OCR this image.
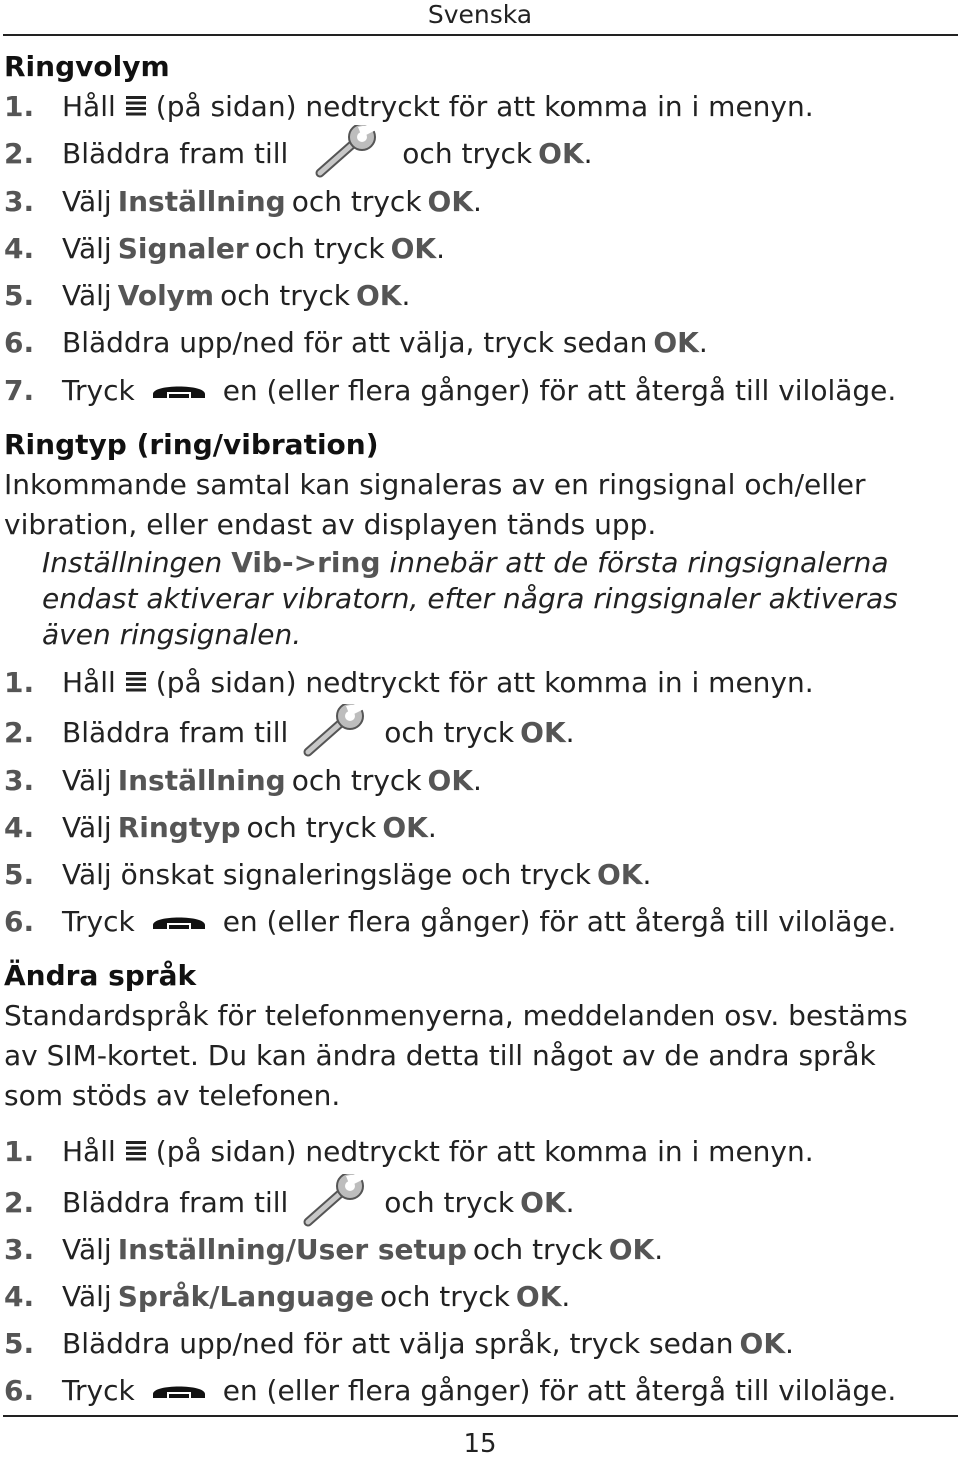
Svenska
Ringvolym
1. Håll (på sidan) nedtryckt för att komma in i menyn.
2. Bläddra fram till	och tryck OK .
3. Välj Inställning och tryck OK .
4. Välj Signaler och tryck OK .
5. Välj Volym och tryck OK .
6. Bläddra upp/ned för att välja, tryck sedan OK .
7. Tryck	en (eller flera gånger) för att återgå till viloläge.
Ringtyp (ring/vibration)
Inkommande samtal kan signaleras av en ringsignal och/eller
vibration, eller endast av displayen tänds upp.
Inställningen Vib->ring innebär att de första ringsignalerna
endast aktiverar vibratorn, efter några ringsignaler aktiveras
även ringsignalen.
1. Håll (på sidan) nedtryckt för att komma in i menyn.
2. Bläddra fram till	och tryck OK .
3. Välj Inställning och tryck OK .
4. Välj Ringtyp och tryck OK .
5. Välj önskat signaleringsläge och tryck OK .
6. Tryck	en (eller flera gånger) för att återgå till viloläge.
Ändra språk
Standardspråk för telefonmenyerna, meddelanden osv. bestäms
av SIM-kortet. Du kan ändra detta till något av de andra språk
som stöds av telefonen.
1. Håll (på sidan) nedtryckt för att komma in i menyn.
2. Bläddra fram till	och tryck OK .
3. Välj Inställning/User setup och tryck OK .
4. Välj Språk/Language och tryck OK .
5. Bläddra upp/ned för att välja språk, tryck sedan OK .
6. Tryck	en (eller flera gånger) för att återgå till viloläge.
15
